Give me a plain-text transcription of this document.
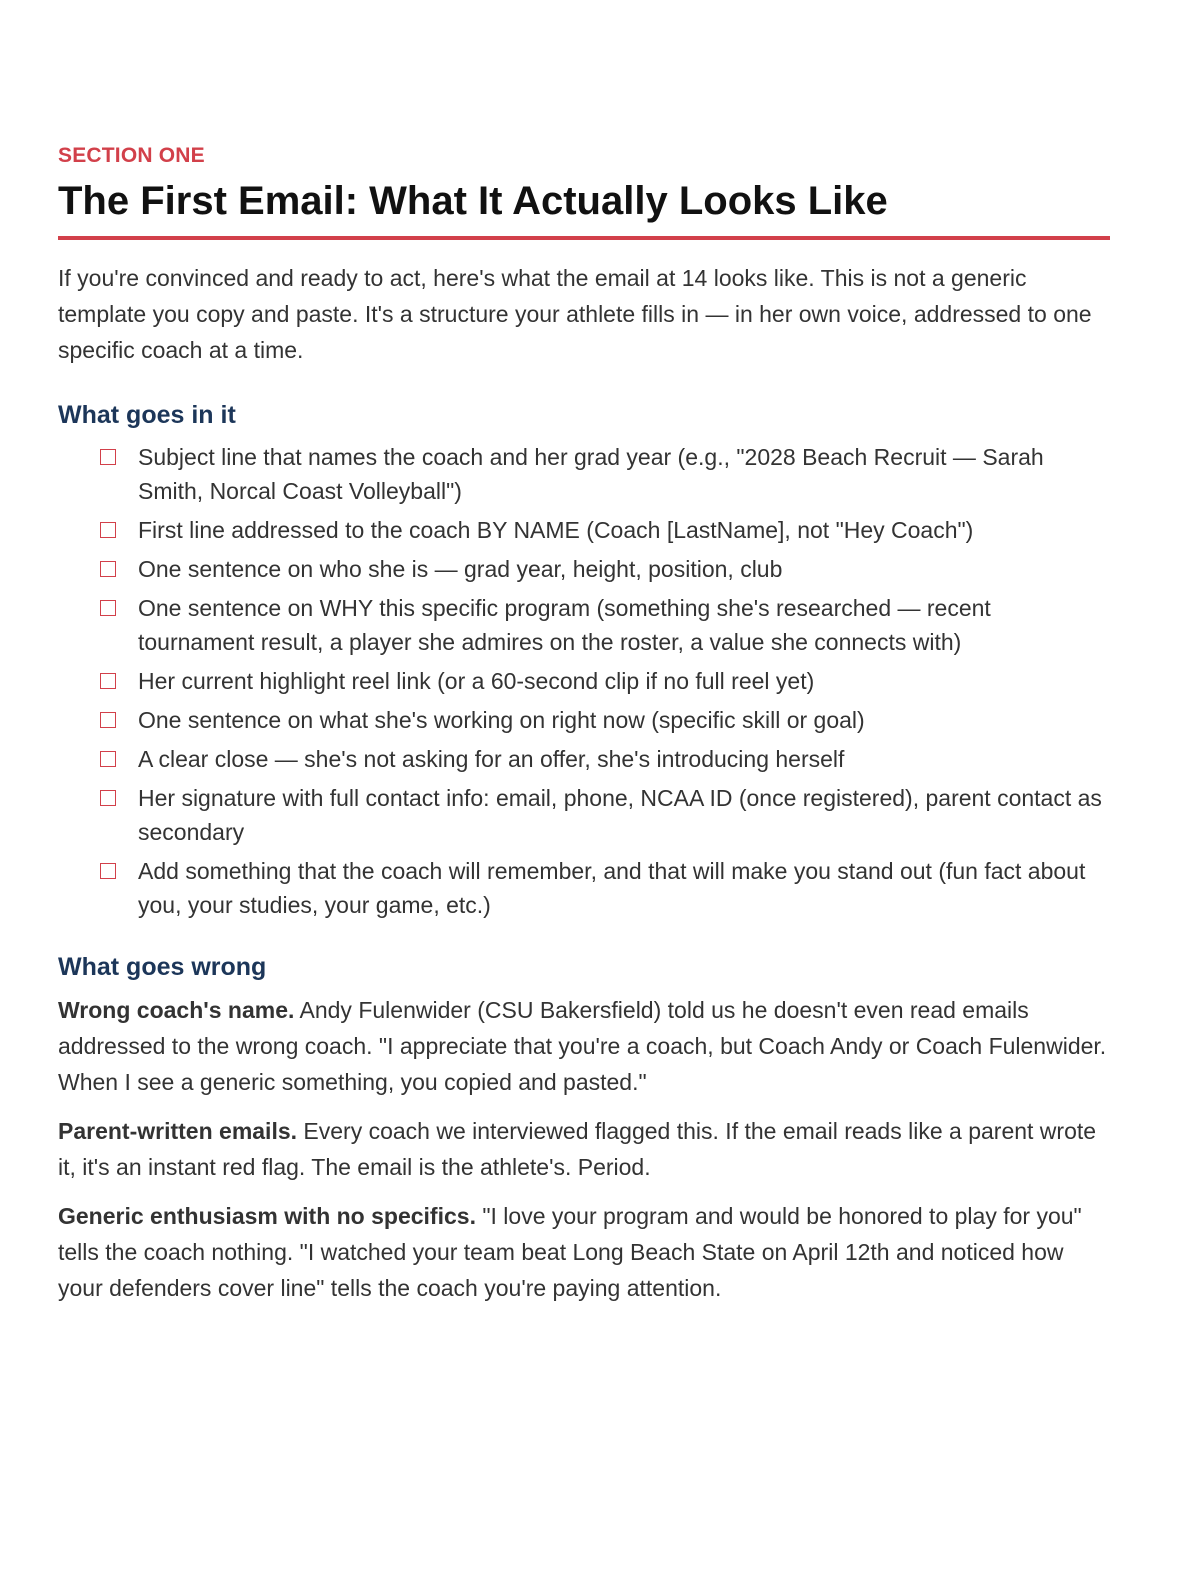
SECTION ONE
The First Email: What It Actually Looks Like

If you're convinced and ready to act, here's what the email at 14 looks like. This is not a generic template you copy and paste. It's a structure your athlete fills in — in her own voice, addressed to one specific coach at a time.

What goes in it
Subject line that names the coach and her grad year (e.g., "2028 Beach Recruit — Sarah Smith, Norcal Coast Volleyball")
First line addressed to the coach BY NAME (Coach [LastName], not "Hey Coach")
One sentence on who she is — grad year, height, position, club
One sentence on WHY this specific program (something she's researched — recent tournament result, a player she admires on the roster, a value she connects with)
Her current highlight reel link (or a 60-second clip if no full reel yet)
One sentence on what she's working on right now (specific skill or goal)
A clear close — she's not asking for an offer, she's introducing herself
Her signature with full contact info: email, phone, NCAA ID (once registered), parent contact as secondary
Add something that the coach will remember, and that will make you stand out (fun fact about you, your studies, your game, etc.)
What goes wrong

Wrong coach's name. Andy Fulenwider (CSU Bakersfield) told us he doesn't even read emails addressed to the wrong coach. "I appreciate that you're a coach, but Coach Andy or Coach Fulenwider. When I see a generic something, you copied and pasted."

Parent-written emails. Every coach we interviewed flagged this. If the email reads like a parent wrote it, it's an instant red flag. The email is the athlete's. Period.

Generic enthusiasm with no specifics. "I love your program and would be honored to play for you" tells the coach nothing. "I watched your team beat Long Beach State on April 12th and noticed how your defenders cover line" tells the coach you're paying attention.
